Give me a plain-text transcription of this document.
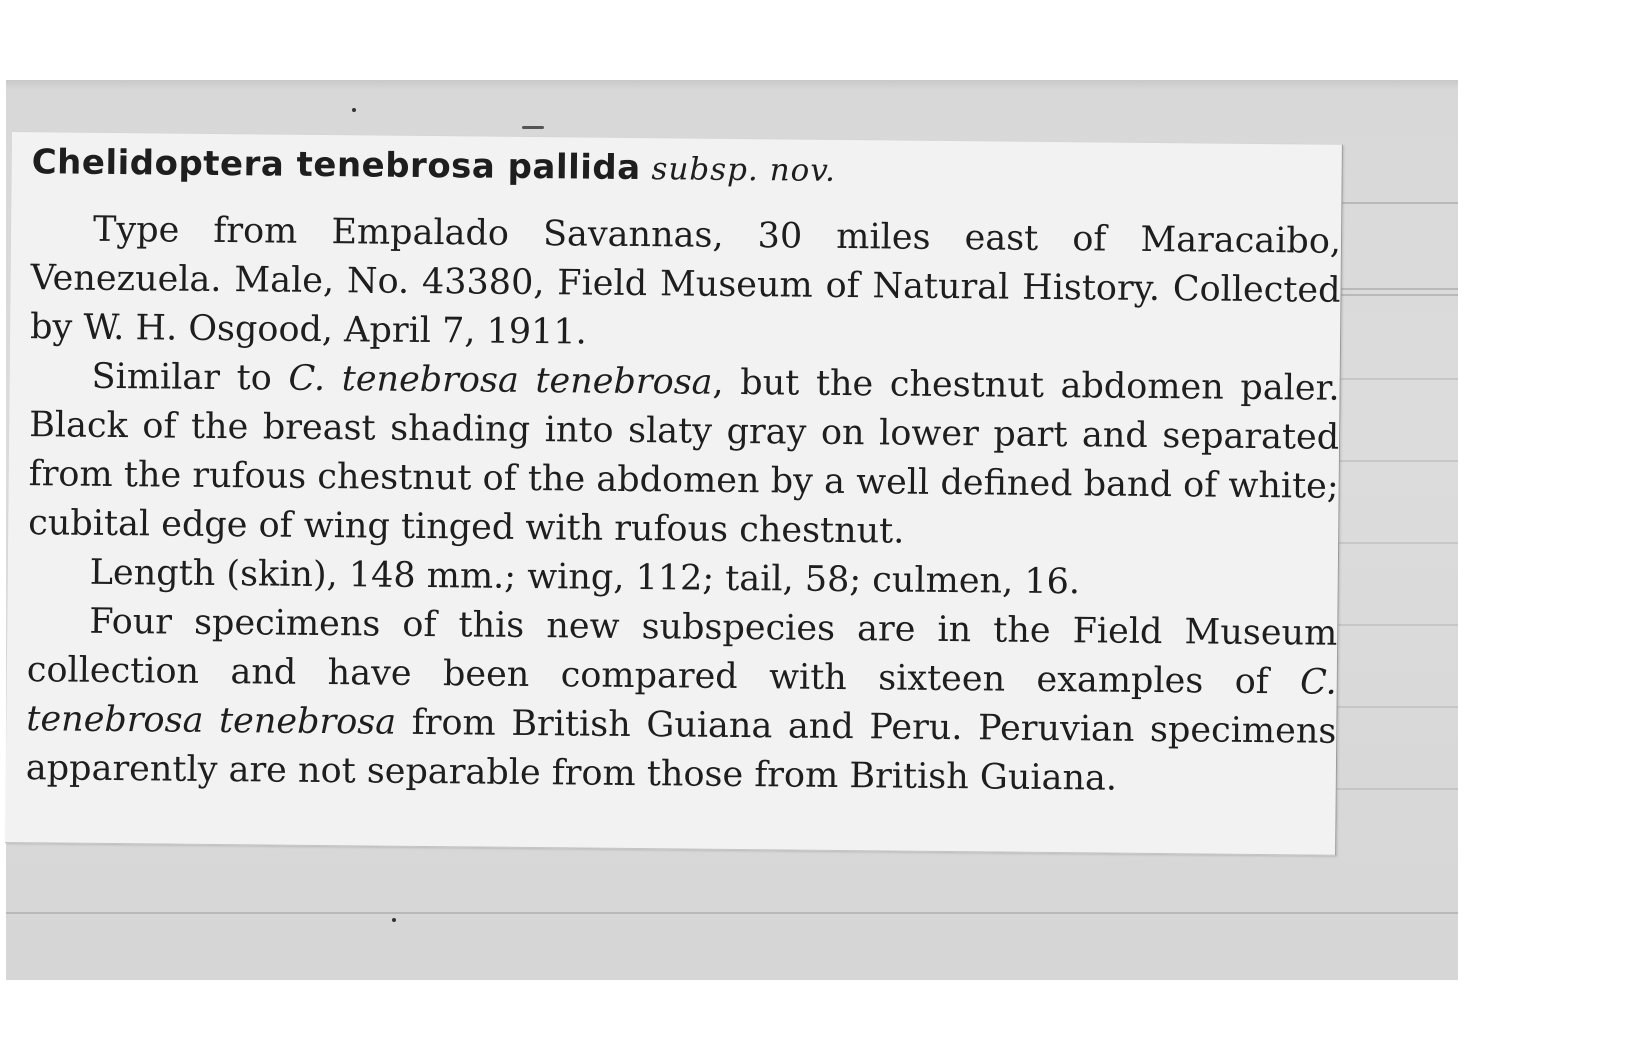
Chelidoptera tenebrosa pallida subsp. nov.

Type from Empalado Savannas, 30 miles east of Maracaibo, Venezuela. Male, No. 43380, Field Museum of Natural History. Collected by W. H. Osgood, April 7, 1911.

Similar to C. tenebrosa tenebrosa, but the chestnut abdomen paler. Black of the breast shading into slaty gray on lower part and separated from the rufous chestnut of the abdomen by a well defined band of white; cubital edge of wing tinged with rufous chestnut.

Length (skin), 148 mm.; wing, 112; tail, 58; culmen, 16.

Four specimens of this new subspecies are in the Field Museum collection and have been compared with sixteen examples of C. tenebrosa tenebrosa from British Guiana and Peru. Peruvian specimens apparently are not separable from those from British Guiana.
